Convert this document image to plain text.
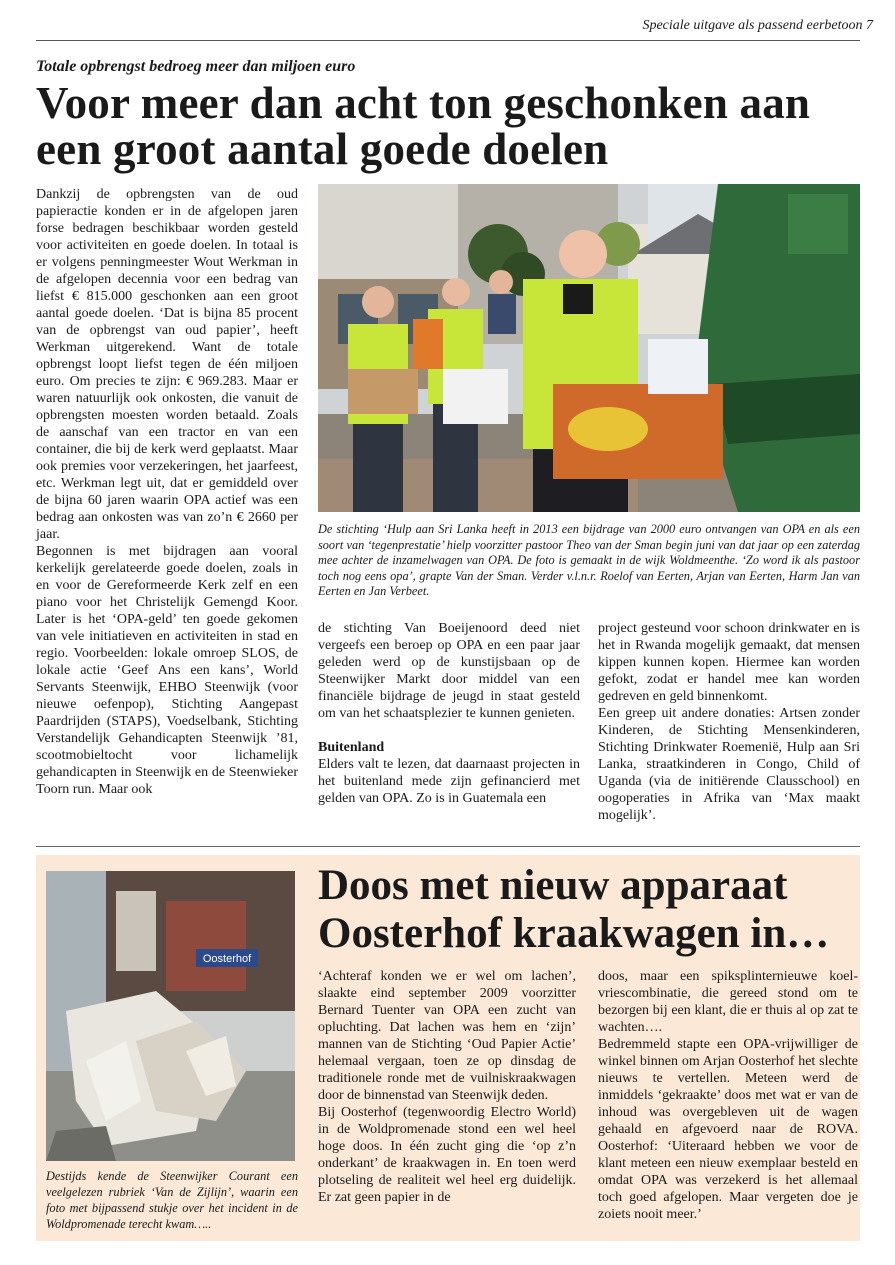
Speciale uitgave als passend eerbetoon 7
Totale opbrengst bedroeg meer dan miljoen euro
Voor meer dan acht ton geschonken aan een groot aantal goede doelen

Dankzij de opbrengsten van de oud papieractie konden er in de afgelopen jaren forse bedragen beschikbaar worden gesteld voor activiteiten en goede doelen. In totaal is er volgens penningmeester Wout Werkman in de afgelopen decennia voor een bedrag van liefst € 815.000 geschonken aan een groot aantal goede doelen. ‘Dat is bijna 85 procent van de opbrengst van oud papier’, heeft Werkman uitgerekend. Want de totale opbrengst loopt liefst tegen de één miljoen euro. Om precies te zijn: € 969.283. Maar er waren natuurlijk ook onkosten, die vanuit de opbrengsten moesten worden betaald. Zoals de aanschaf van een tractor en van een container, die bij de kerk werd geplaatst. Maar ook premies voor verzekeringen, het jaarfeest, etc. Werkman legt uit, dat er gemiddeld over de bijna 60 jaren waarin OPA actief was een bedrag aan onkosten was van zo’n € 2660 per jaar.

Begonnen is met bijdragen aan vooral kerkelijk gerelateerde goede doelen, zoals in en voor de Gereformeerde Kerk zelf en een piano voor het Christelijk Gemengd Koor. Later is het ‘OPA-geld’ ten goede gekomen van vele initiatieven en activiteiten in stad en regio. Voorbeelden: lokale omroep SLOS, de lokale actie ‘Geef Ans een kans’, World Servants Steenwijk, EHBO Steenwijk (voor nieuwe oefenpop), Stichting Aangepast Paardrijden (STAPS), Voedselbank, Stichting Verstandelijk Gehandicapten Steenwijk ’81, scootmobieltocht voor lichamelijk gehandicapten in Steenwijk en de Steenwieker Toorn run. Maar ook

De stichting ‘Hulp aan Sri Lanka heeft in 2013 een bijdrage van 2000 euro ontvangen van OPA en als een soort van ‘tegenprestatie’ hielp voorzitter pastoor Theo van der Sman begin juni van dat jaar op een zaterdag mee achter de inzamelwagen van OPA. De foto is gemaakt in de wijk Woldmeenthe. ‘Zo word ik als pastoor toch nog eens opa’, grapte Van der Sman. Verder v.l.n.r. Roelof van Eerten, Arjan van Eerten, Harm Jan van Eerten en Jan Verbeet.

de stichting Van Boeijenoord deed niet vergeefs een beroep op OPA en een paar jaar geleden werd op de kunstijsbaan op de Steenwijker Markt door middel van een financiële bijdrage de jeugd in staat gesteld om van het schaatsplezier te kunnen genieten.

Buitenland

Elders valt te lezen, dat daarnaast projecten in het buitenland mede zijn gefinancierd met gelden van OPA. Zo is in Guatemala een

project gesteund voor schoon drinkwater en is het in Rwanda mogelijk gemaakt, dat mensen kippen kunnen kopen. Hiermee kan worden gefokt, zodat er handel mee kan worden gedreven en geld binnenkomt.

Een greep uit andere donaties: Artsen zonder Kinderen, de Stichting Mensenkinderen, Stichting Drinkwater Roemenië, Hulp aan Sri Lanka, straatkinderen in Congo, Child of Uganda (via de initiërende Clausschool) en oogoperaties in Afrika van ‘Max maakt mogelijk’.

Oosterhof
Destijds kende de Steenwijker Courant een veelgelezen rubriek ‘Van de Zijlijn’, waarin een foto met bijpassend stukje over het incident in de Woldpromenade terecht kwam…..
Doos met nieuw apparaat Oosterhof kraakwagen in…

‘Achteraf konden we er wel om lachen’, slaakte eind september 2009 voorzitter Bernard Tuenter van OPA een zucht van opluchting. Dat lachen was hem en ‘zijn’ mannen van de Stichting ‘Oud Papier Actie’ helemaal vergaan, toen ze op dinsdag de traditionele ronde met de vuilniskraakwagen door de binnenstad van Steenwijk deden.

Bij Oosterhof (tegenwoordig Electro World) in de Woldpromenade stond een wel heel hoge doos. In één zucht ging die ‘op z’n onderkant’ de kraakwagen in. En toen werd plotseling de realiteit wel heel erg duidelijk. Er zat geen papier in de

doos, maar een spiksplinternieuwe koel-vriescombinatie, die gereed stond om te bezorgen bij een klant, die er thuis al op zat te wachten….

Bedremmeld stapte een OPA-vrijwilliger de winkel binnen om Arjan Oosterhof het slechte nieuws te vertellen. Meteen werd de inmiddels ‘gekraakte’ doos met wat er van de inhoud was overgebleven uit de wagen gehaald en afgevoerd naar de ROVA. Oosterhof: ‘Uiteraard hebben we voor de klant meteen een nieuw exemplaar besteld en omdat OPA was verzekerd is het allemaal toch goed afgelopen. Maar vergeten doe je zoiets nooit meer.’
